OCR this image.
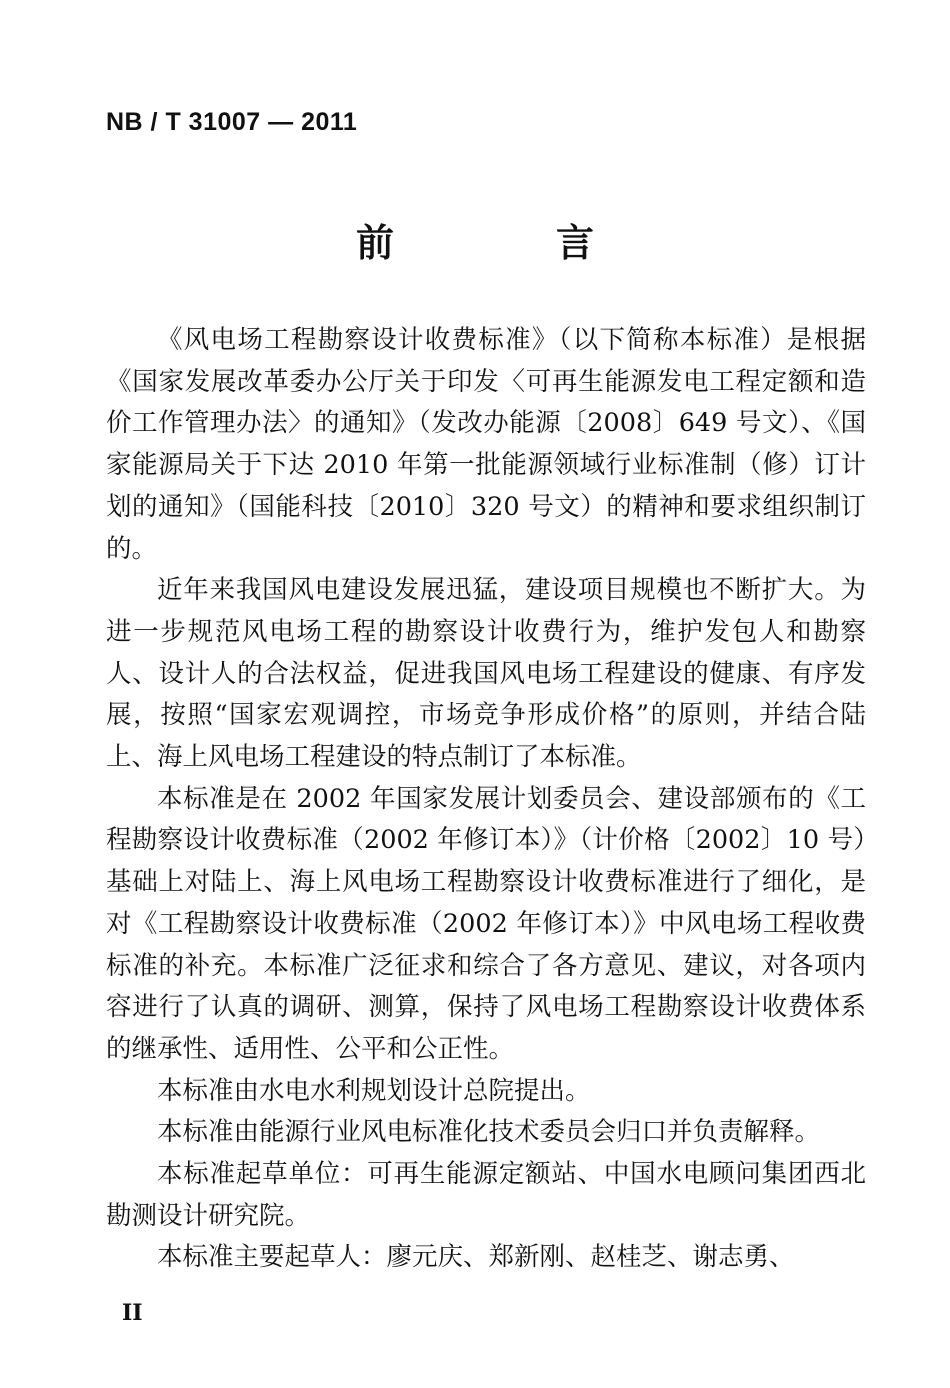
NB / T 31007 — 2011
前　言

《风电场工程勘察设计收费标准》（以下简称本标准）是根据《国家发展改革委办公厅关于印发〈可再生能源发电工程定额和造价工作管理办法〉的通知》（发改办能源〔2008〕649 号文）、《国家能源局关于下达 2010 年第一批能源领域行业标准制（修）订计划的通知》（国能科技〔2010〕320 号文）的精神和要求组织制订的。

近年来我国风电建设发展迅猛，建设项目规模也不断扩大。为进一步规范风电场工程的勘察设计收费行为，维护发包人和勘察人、设计人的合法权益，促进我国风电场工程建设的健康、有序发展，按照“国家宏观调控，市场竞争形成价格”的原则，并结合陆上、海上风电场工程建设的特点制订了本标准。

本标准是在 2002 年国家发展计划委员会、建设部颁布的《工程勘察设计收费标准（2002 年修订本）》（计价格〔2002〕10 号）基础上对陆上、海上风电场工程勘察设计收费标准进行了细化，是对《工程勘察设计收费标准（2002 年修订本）》中风电场工程收费标准的补充。本标准广泛征求和综合了各方意见、建议，对各项内容进行了认真的调研、测算，保持了风电场工程勘察设计收费体系的继承性、适用性、公平和公正性。

本标准由水电水利规划设计总院提出。

本标准由能源行业风电标准化技术委员会归口并负责解释。

本标准起草单位：可再生能源定额站、中国水电顾问集团西北勘测设计研究院。

本标准主要起草人：廖元庆、郑新刚、赵桂芝、谢志勇、

II
